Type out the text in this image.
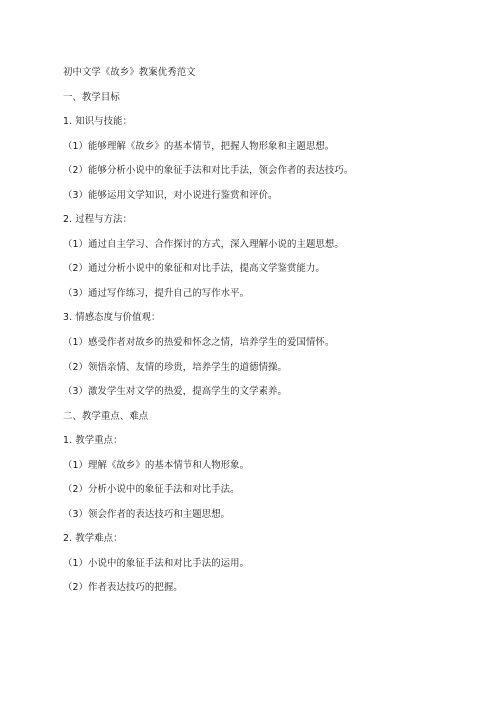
初中文学《故乡》教案优秀范文
一、教学目标
1. 知识与技能：
（1）能够理解《故乡》的基本情节，把握人物形象和主题思想。
（2）能够分析小说中的象征手法和对比手法，领会作者的表达技巧。
（3）能够运用文学知识，对小说进行鉴赏和评价。
2. 过程与方法：
（1）通过自主学习、合作探讨的方式，深入理解小说的主题思想。
（2）通过分析小说中的象征和对比手法，提高文学鉴赏能力。
（3）通过写作练习，提升自己的写作水平。
3. 情感态度与价值观：
（1）感受作者对故乡的热爱和怀念之情，培养学生的爱国情怀。
（2）领悟亲情、友情的珍贵，培养学生的道德情操。
（3）激发学生对文学的热爱，提高学生的文学素养。
二、教学重点、难点
1. 教学重点：
（1）理解《故乡》的基本情节和人物形象。
（2）分析小说中的象征手法和对比手法。
（3）领会作者的表达技巧和主题思想。
2. 教学难点：
（1）小说中的象征手法和对比手法的运用。
（2）作者表达技巧的把握。
